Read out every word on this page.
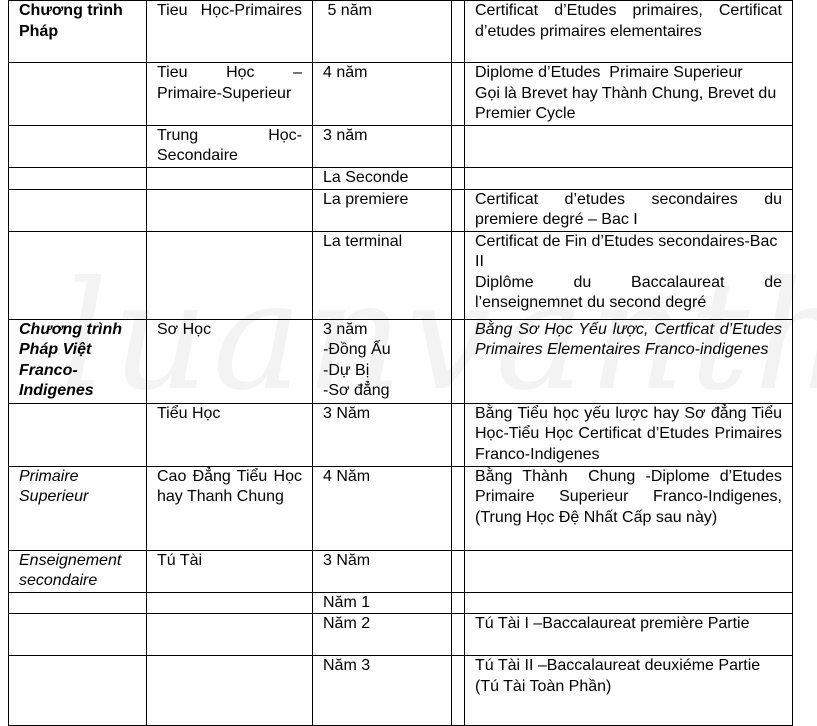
Chương trình Pháp	Tieu Học-Primaires	5 năm		Certificat d’Etudes primaires, Certificat d’etudes primaires elementaires
	Tieu Học – Primaire-Superieur	4 năm		Diplome d’Etudes  Primaire Superieur
Gọi là Brevet hay Thành Chung, Brevet du Premier Cycle

	Trung Học-Secondaire	3 năm		
		La Seconde		
		La premiere		Certificat d’etudes secondaires du premiere degré – Bac I
		La terminal		Certificat de Fin d’Etudes secondaires-Bac II
Diplôme du Baccalaureat de l’enseignemnet du second degré

Chương trình Pháp Việt Franco-Indigenes	Sơ Học	3 năm
-Đồng Ấu
-Dự Bị
-Sơ đẳng		Bằng Sơ Học Yếu lược, Certficat d’Etudes Primaires Elementaires Franco-indigenes
	Tiểu Học	3 Năm		Bằng Tiểu học yếu lược hay Sơ đẳng Tiểu Học-Tiểu Học Certificat d’Etudes Primaires Franco-Indigenes
Primaire Superieur	Cao Đẳng Tiểu Học hay Thanh Chung	4 Năm		Bằng Thành  Chung -Diplome d’Etudes Primaire Superieur Franco-Indigenes,(Trung Học Đệ Nhất Cấp sau này)
Enseignement secondaire	Tú Tài	3 Năm		
		Năm 1		
		Năm 2		Tú Tài I –Baccalaureat première Partie
		Năm 3		Tú Tài II –Baccalaureat deuxiéme Partie
(Tú Tài Toàn Phần)
